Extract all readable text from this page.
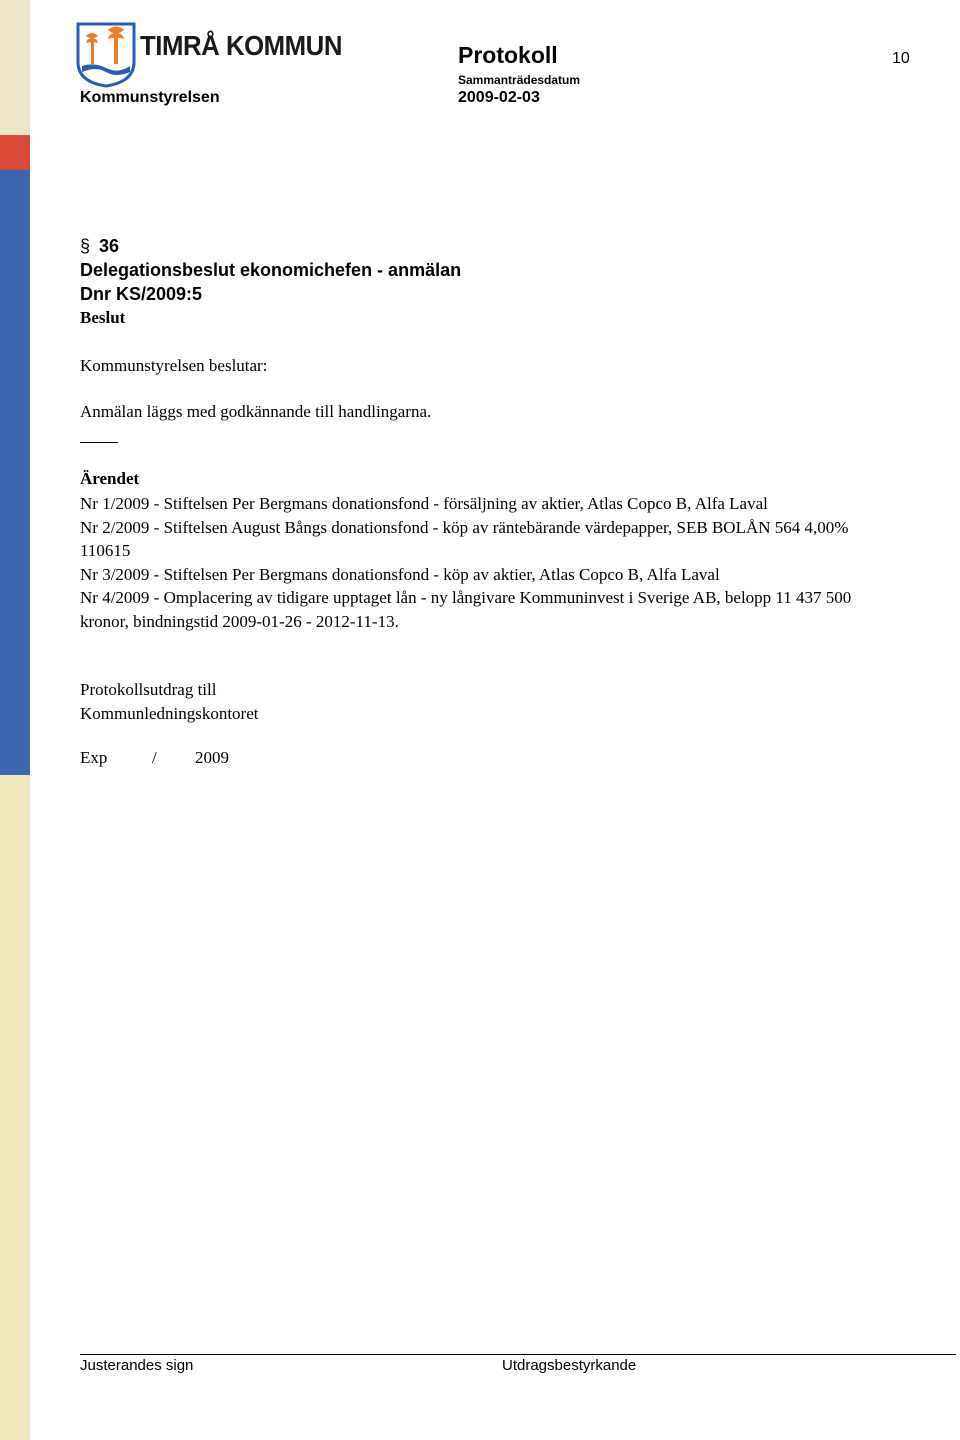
TIMRÅ KOMMUN
Kommunstyrelsen
Protokoll
Sammanträdesdatum
2009-02-03
10
§ 36
Delegationsbeslut ekonomichefen - anmälan
Dnr KS/2009:5
Beslut
Kommunstyrelsen beslutar:
Anmälan läggs med godkännande till handlingarna.
Ärendet
Nr 1/2009 - Stiftelsen Per Bergmans donationsfond - försäljning av aktier, Atlas Copco B, Alfa Laval
Nr 2/2009 - Stiftelsen August Bångs donationsfond - köp av räntebärande värdepapper, SEB BOLÅN 564 4,00% 110615
Nr 3/2009 - Stiftelsen Per Bergmans donationsfond - köp av aktier, Atlas Copco B, Alfa Laval
Nr 4/2009 - Omplacering av tidigare upptaget lån - ny långivare Kommuninvest i Sverige AB, belopp 11 437 500 kronor, bindningstid 2009-01-26 - 2012-11-13.
Protokollsutdrag till
Kommunledningskontoret
Exp	/ 2009
Justerandes sign	Utdragsbestyrkande
